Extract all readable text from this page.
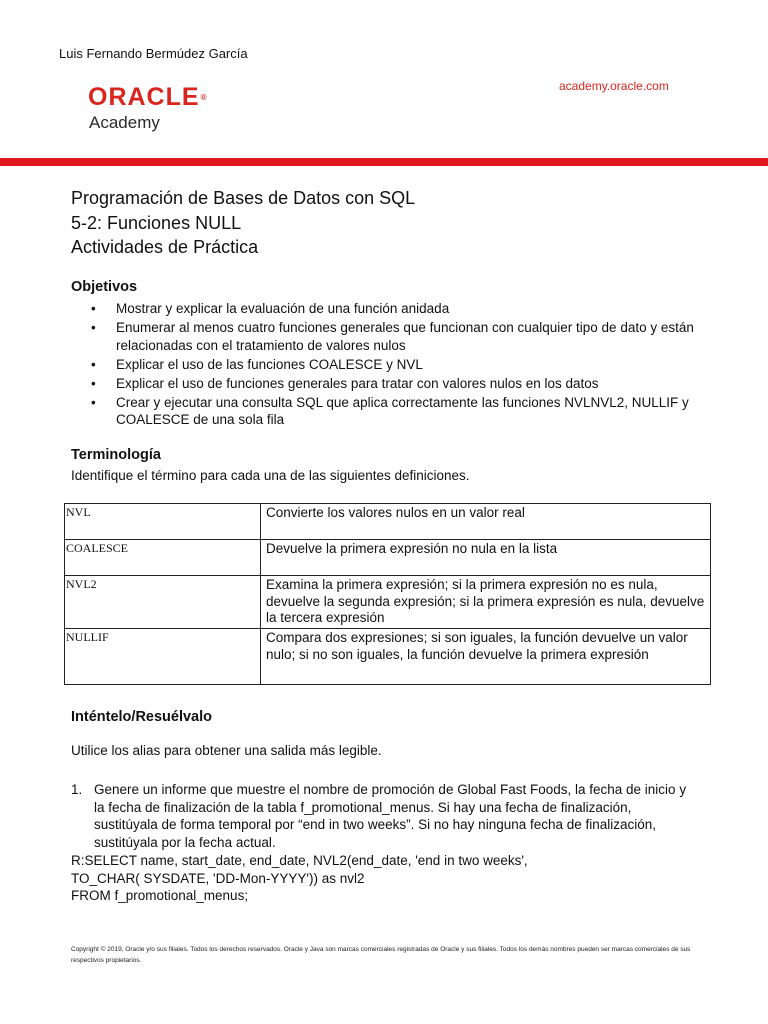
Luis Fernando Bermúdez García
ORACLE®
Academy
academy.oracle.com
Programación de Bases de Datos con SQL
5-2: Funciones NULL
Actividades de Práctica
Objetivos
• Mostrar y explicar la evaluación de una función anidada
• Enumerar al menos cuatro funciones generales que funcionan con cualquier tipo de dato y están relacionadas con el tratamiento de valores nulos
• Explicar el uso de las funciones COALESCE y NVL
• Explicar el uso de funciones generales para tratar con valores nulos en los datos
• Crear y ejecutar una consulta SQL que aplica correctamente las funciones NVLNVL2, NULLIF y COALESCE de una sola fila
Terminología
Identifique el término para cada una de las siguientes definiciones.
NVL	Convierte los valores nulos en un valor real
COALESCE	Devuelve la primera expresión no nula en la lista
NVL2	Examina la primera expresión; si la primera expresión no es nula, devuelve la segunda expresión; si la primera expresión es nula, devuelve la tercera expresión
NULLIF	Compara dos expresiones; si son iguales, la función devuelve un valor nulo; si no son iguales, la función devuelve la primera expresión
Inténtelo/Resuélvalo
Utilice los alias para obtener una salida más legible.
1. Genere un informe que muestre el nombre de promoción de Global Fast Foods, la fecha de inicio y la fecha de finalización de la tabla f_promotional_menus. Si hay una fecha de finalización, sustitúyala de forma temporal por “end in two weeks”. Si no hay ninguna fecha de finalización, sustitúyala por la fecha actual.
R:SELECT name, start_date, end_date, NVL2(end_date, 'end in two weeks',
TO_CHAR( SYSDATE, 'DD-Mon-YYYY')) as nvl2
FROM f_promotional_menus;
Copyright © 2019, Oracle y/o sus filiales. Todos los derechos reservados. Oracle y Java son marcas comerciales registradas de Oracle y sus filiales. Todos los demás nombres pueden ser marcas comerciales de sus respectivos propietarios.
